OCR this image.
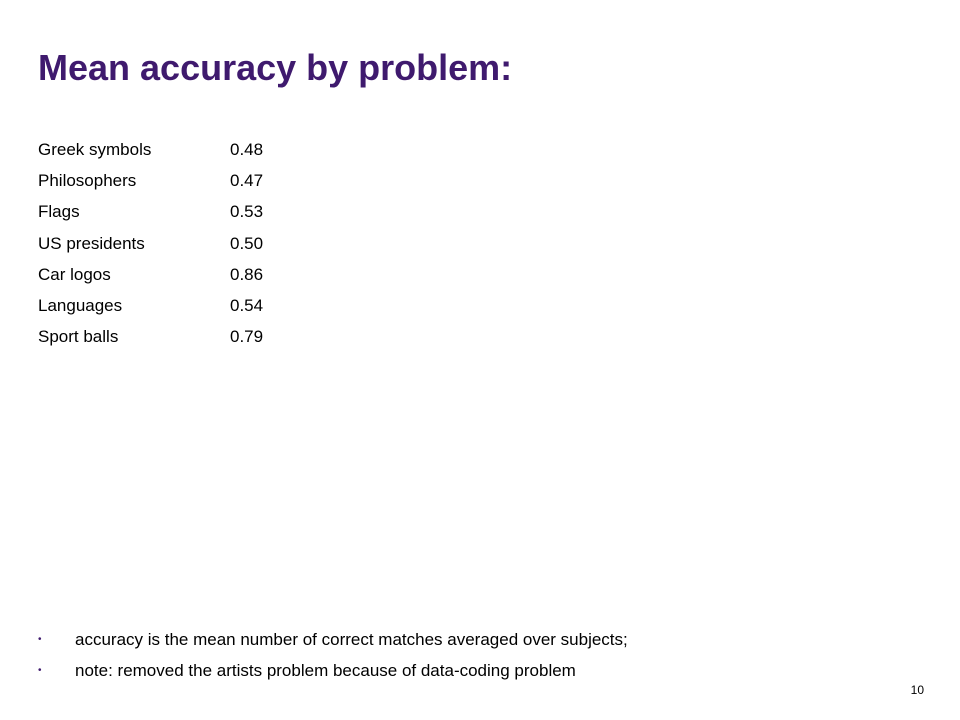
Mean accuracy by problem:
Greek symbols	0.48
Philosophers	0.47
Flags	0.53
US presidents	0.50
Car logos	0.86
Languages	0.54
Sport balls	0.79
•	accuracy is the mean number of correct matches averaged over subjects;
•	note: removed the artists problem because of data-coding problem
10
